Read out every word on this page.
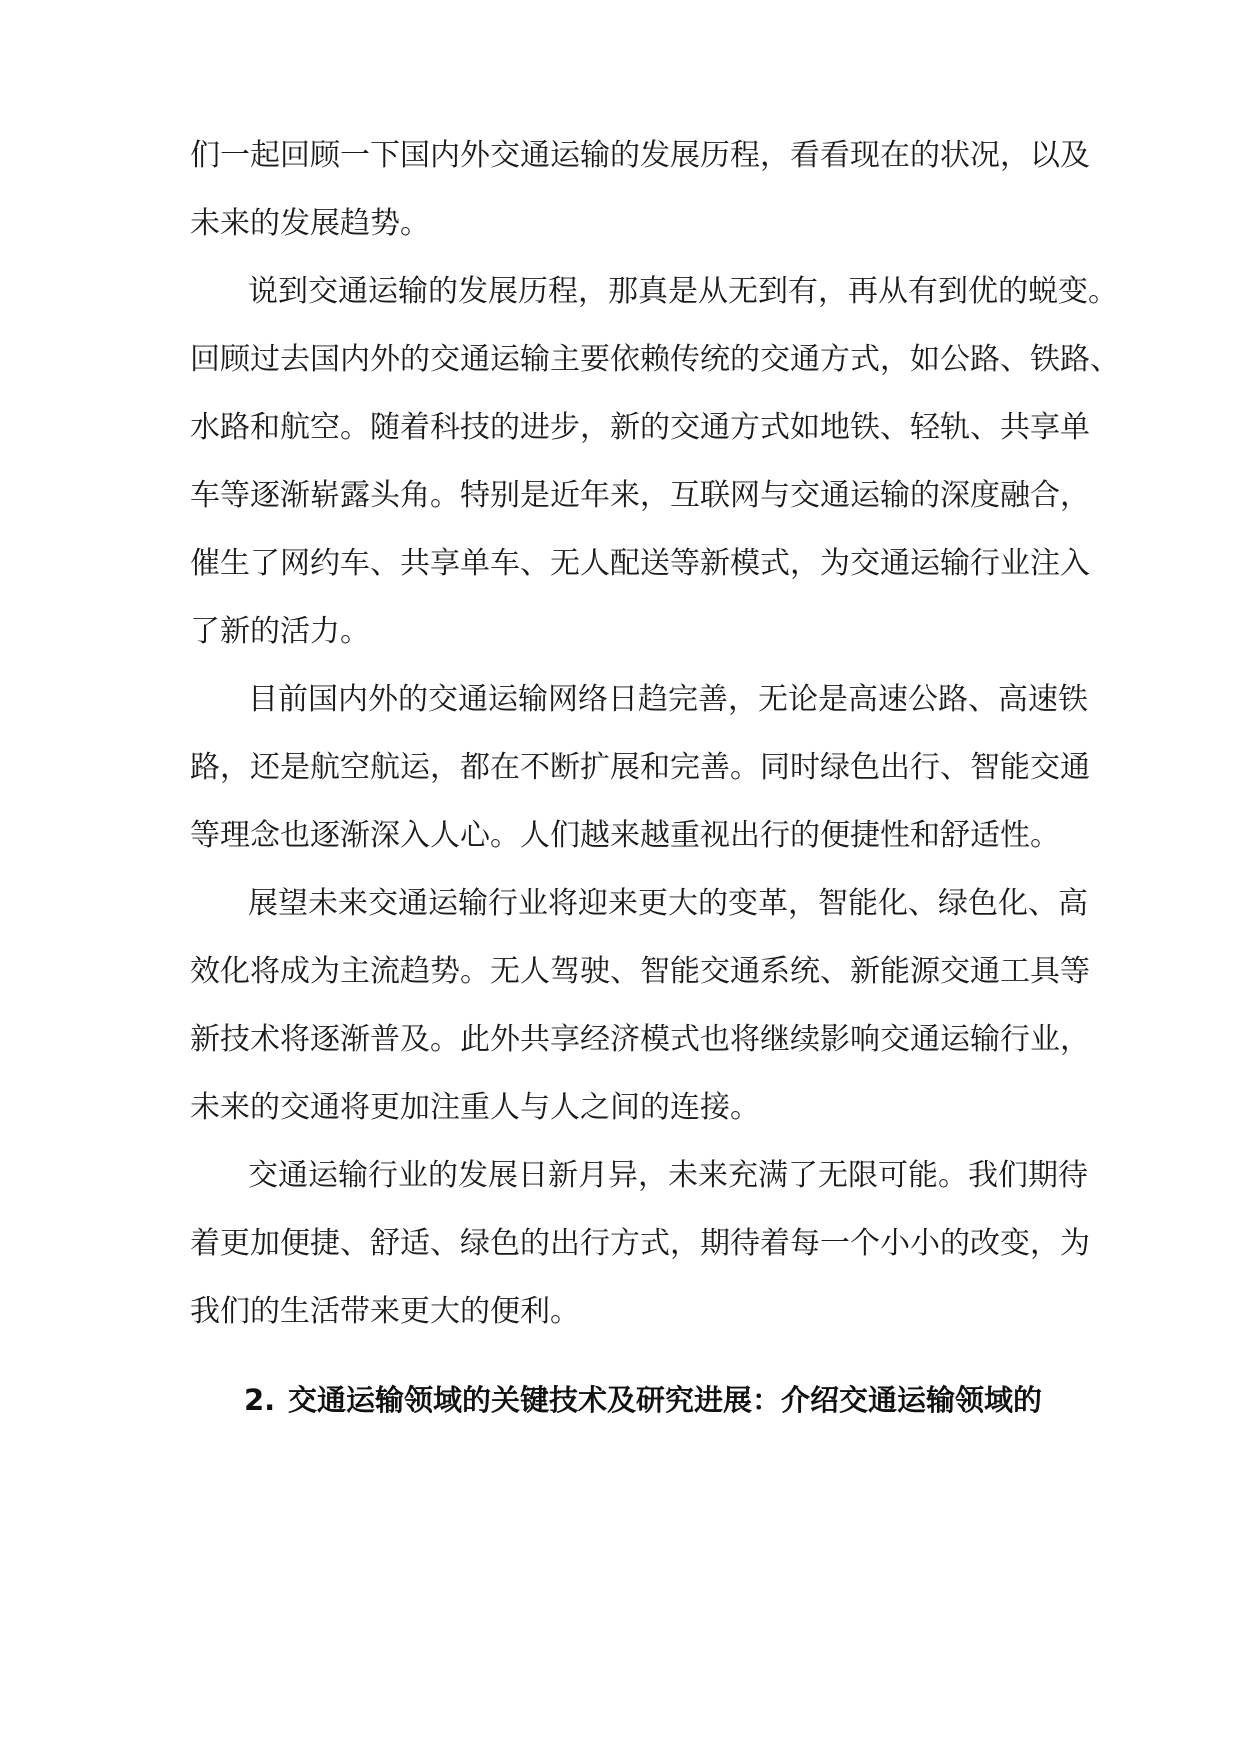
们一起回顾一下国内外交通运输的发展历程，看看现在的状况，以及
未来的发展趋势。
说到交通运输的发展历程，那真是从无到有，再从有到优的蜕变。
回顾过去国内外的交通运输主要依赖传统的交通方式，如公路、铁路、
水路和航空。随着科技的进步，新的交通方式如地铁、轻轨、共享单
车等逐渐崭露头角。特别是近年来，互联网与交通运输的深度融合，
催生了网约车、共享单车、无人配送等新模式，为交通运输行业注入
了新的活力。
目前国内外的交通运输网络日趋完善，无论是高速公路、高速铁
路，还是航空航运，都在不断扩展和完善。同时绿色出行、智能交通
等理念也逐渐深入人心。人们越来越重视出行的便捷性和舒适性。
展望未来交通运输行业将迎来更大的变革，智能化、绿色化、高
效化将成为主流趋势。无人驾驶、智能交通系统、新能源交通工具等
新技术将逐渐普及。此外共享经济模式也将继续影响交通运输行业，
未来的交通将更加注重人与人之间的连接。
交通运输行业的发展日新月异，未来充满了无限可能。我们期待
着更加便捷、舒适、绿色的出行方式，期待着每一个小小的改变，为
我们的生活带来更大的便利。
2. 交通运输领域的关键技术及研究进展：介绍交通运输领域的
